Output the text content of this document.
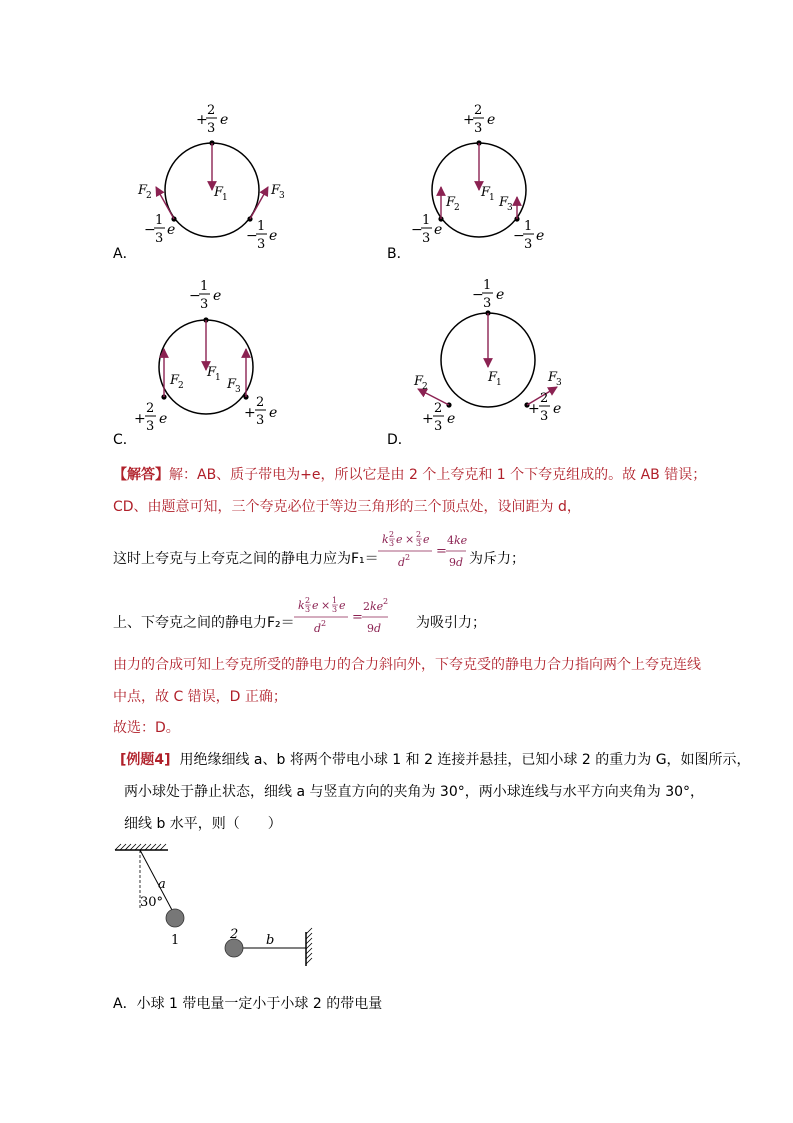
+
2
3
e
−
1
3
e	−
1
3
e
F
1
F
2	F
3
A．
+
2
3
e
−
1
3
e	−
1
3
e
F
1
F
2	F
3
B．
−
1
3
e
+
2
3 e	+
2
3 e
F
1
F
2	F
3
C．
−
1
3
e
+
2
3 e
+
2
3 e
F
1
F
2
F
3
D．
【解答】解：AB、质子带电为+e，所以它是由 2 个上夸克和 1 个下夸克组成的。故 AB 错误；
CD、由题意可知，三个夸克必位于等边三角形的三个顶点处，设间距为 d，
这时上夸克与上夸克之间的静电力应为F₁＝
k 2
3 e × 2
3 e
d 2 =
4 ke
9 d 为斥力；
上、下夸克之间的静电力F₂＝
k 2
3 e × 1
3 e
d 2 =
2 ke 2
9 d 为吸引力；
由力的合成可知上夸克所受的静电力的合力斜向外，下夸克受的静电力合力指向两个上夸克连线
中点，故 C 错误，D 正确；
故选：D。
[例题4] 用绝缘细线 a、b 将两个带电小球 1 和 2 连接并悬挂，已知小球 2 的重力为 G，如图所示，
两小球处于静止状态，细线 a 与竖直方向的夹角为 30°，两小球连线与水平方向夹角为 30°，
细线 b 水平，则（　　）
a
30°
1	2 b
A．小球 1 带电量一定小于小球 2 的带电量
